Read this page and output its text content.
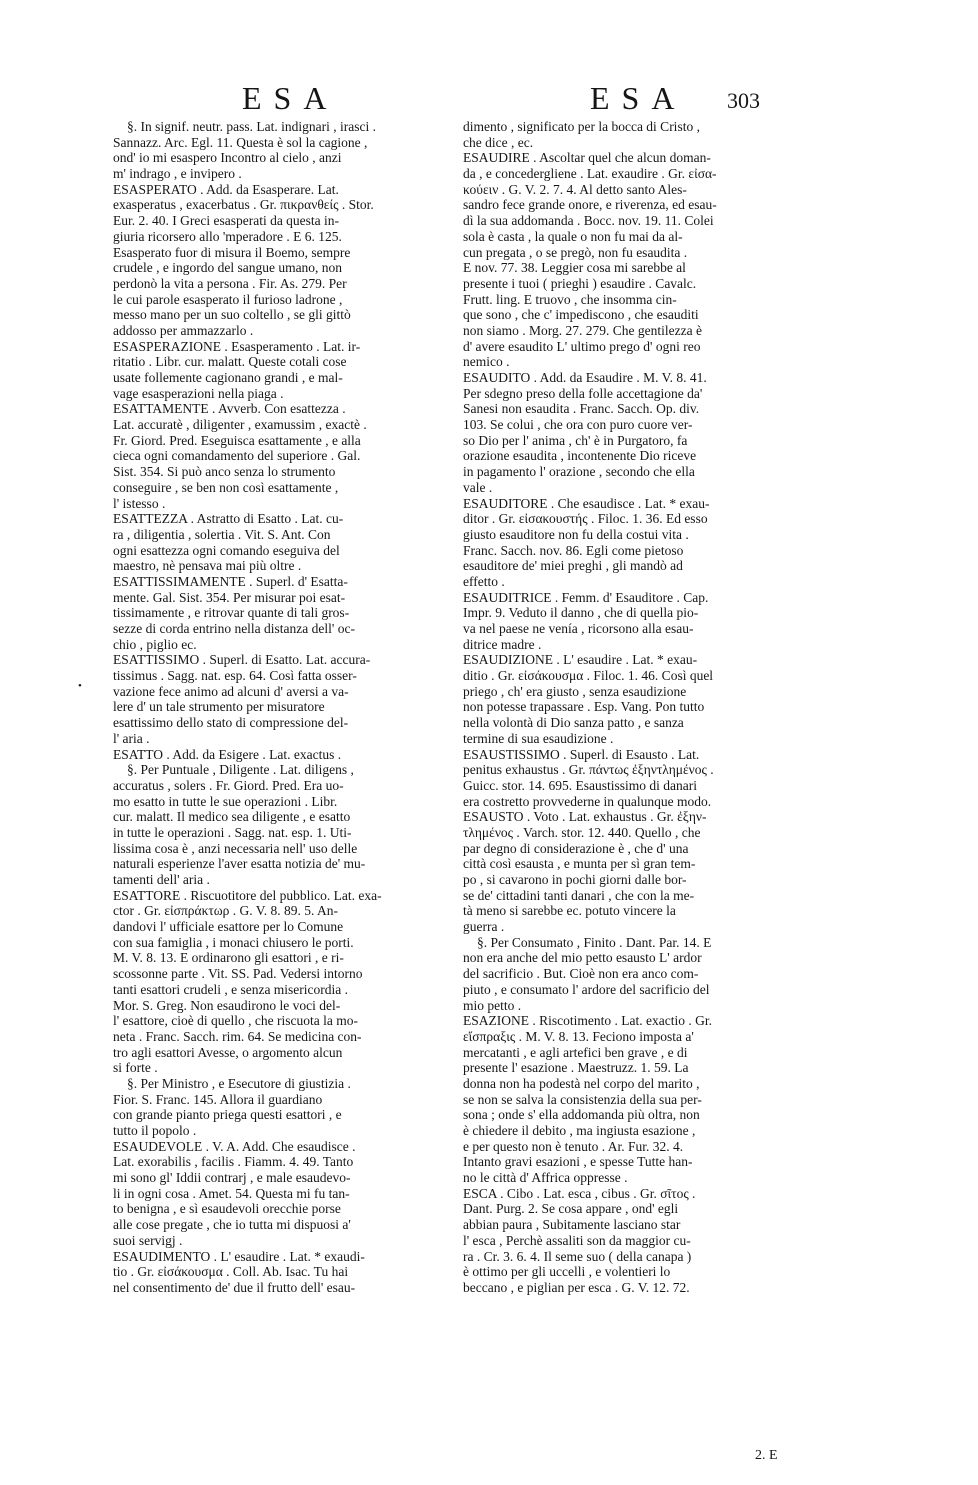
ESA	ESA 303
§. In signif. neutr. pass. Lat. indignari , irasci .
Sannazz. Arc. Egl. 11. Questa è sol la cagione ,
ond' io mi esaspero Incontro al cielo , anzi
m' indrago , e invipero .
ESASPERATO . Add. da Esasperare. Lat.
exasperatus , exacerbatus . Gr. πικρανθείς . Stor.
Eur. 2. 40. I Greci esasperati da questa in-
giuria ricorsero allo 'mperadore . E 6. 125.
Esasperato fuor di misura il Boemo, sempre
crudele , e ingordo del sangue umano, non
perdonò la vita a persona . Fir. As. 279. Per
le cui parole esasperato il furioso ladrone ,
messo mano per un suo coltello , se gli gittò
addosso per ammazzarlo .
ESASPERAZIONE . Esasperamento . Lat. ir-
ritatio . Libr. cur. malatt. Queste cotali cose
usate follemente cagionano grandi , e mal-
vage esasperazioni nella piaga .
ESATTAMENTE . Avverb. Con esattezza .
Lat. accuratè , diligenter , examussim , exactè .
Fr. Giord. Pred. Eseguisca esattamente , e alla
cieca ogni comandamento del superiore . Gal.
Sist. 354. Si può anco senza lo strumento
conseguire , se ben non così esattamente ,
l' istesso .
ESATTEZZA . Astratto di Esatto . Lat. cu-
ra , diligentia , solertia . Vit. S. Ant. Con
ogni esattezza ogni comando eseguiva del
maestro, nè pensava mai più oltre .
ESATTISSIMAMENTE . Superl. d' Esatta-
mente. Gal. Sist. 354. Per misurar poi esat-
tissimamente , e ritrovar quante di tali gros-
sezze di corda entrino nella distanza dell' oc-
chio , piglio ec.
ESATTISSIMO . Superl. di Esatto. Lat. accura-
tissimus . Sagg. nat. esp. 64. Così fatta osser-
vazione fece animo ad alcuni d' aversi a va-
lere d' un tale strumento per misuratore
esattissimo dello stato di compressione del-
l' aria .
ESATTO . Add. da Esigere . Lat. exactus .
§. Per Puntuale , Diligente . Lat. diligens ,
accuratus , solers . Fr. Giord. Pred. Era uo-
mo esatto in tutte le sue operazioni . Libr.
cur. malatt. Il medico sea diligente , e esatto
in tutte le operazioni . Sagg. nat. esp. 1. Uti-
lissima cosa è , anzi necessaria nell' uso delle
naturali esperienze l'aver esatta notizia de' mu-
tamenti dell' aria .
ESATTORE . Riscuotitore del pubblico. Lat. exa-
ctor . Gr. εἰσπράκτωρ . G. V. 8. 89. 5. An-
dandovi l' ufficiale esattore per lo Comune
con sua famiglia , i monaci chiusero le porti.
M. V. 8. 13. E ordinarono gli esattori , e ri-
scossonne parte . Vit. SS. Pad. Vedersi intorno
tanti esattori crudeli , e senza misericordia .
Mor. S. Greg. Non esaudirono le voci del-
l' esattore, cioè di quello , che riscuota la mo-
neta . Franc. Sacch. rim. 64. Se medicina con-
tro agli esattori Avesse, o argomento alcun
si forte .
§. Per Ministro , e Esecutore di giustizia .
Fior. S. Franc. 145. Allora il guardiano
con grande pianto priega questi esattori , e
tutto il popolo .
ESAUDEVOLE . V. A. Add. Che esaudisce .
Lat. exorabilis , facilis . Fiamm. 4. 49. Tanto
mi sono gl' Iddii contrarj , e male esaudevo-
li in ogni cosa . Amet. 54. Questa mi fu tan-
to benigna , e sì esaudevoli orecchie porse
alle cose pregate , che io tutta mi dispuosi a'
suoi servigj .
ESAUDIMENTO . L' esaudire . Lat. * exaudi-
tio . Gr. εἰσάκουσμα . Coll. Ab. Isac. Tu hai
nel consentimento de' due il frutto dell' esau-
dimento , significato per la bocca di Cristo ,
che dice , ec.
ESAUDIRE . Ascoltar quel che alcun doman-
da , e concedergliene . Lat. exaudire . Gr. εἰσα-
κούειν . G. V. 2. 7. 4. Al detto santo Ales-
sandro fece grande onore, e riverenza, ed esau-
dì la sua addomanda . Bocc. nov. 19. 11. Colei
sola è casta , la quale o non fu mai da al-
cun pregata , o se pregò, non fu esaudita .
E nov. 77. 38. Leggier cosa mi sarebbe al
presente i tuoi ( prieghi ) esaudire . Cavalc.
Frutt. ling. E truovo , che insomma cin-
que sono , che c' impediscono , che esauditi
non siamo . Morg. 27. 279. Che gentilezza è
d' avere esaudito L' ultimo prego d' ogni reo
nemico .
ESAUDITO . Add. da Esaudire . M. V. 8. 41.
Per sdegno preso della folle accettagione da'
Sanesi non esaudita . Franc. Sacch. Op. div.
103. Se colui , che ora con puro cuore ver-
so Dio per l' anima , ch' è in Purgatoro, fa
orazione esaudita , incontenente Dio riceve
in pagamento l' orazione , secondo che ella
vale .
ESAUDITORE . Che esaudisce . Lat. * exau-
ditor . Gr. εἰσακουστής . Filoc. 1. 36. Ed esso
giusto esauditore non fu della costui vita .
Franc. Sacch. nov. 86. Egli come pietoso
esauditore de' miei preghi , gli mandò ad
effetto .
ESAUDITRICE . Femm. d' Esauditore . Cap.
Impr. 9. Veduto il danno , che di quella pio-
va nel paese ne venía , ricorsono alla esau-
ditrice madre .
ESAUDIZIONE . L' esaudire . Lat. * exau-
ditio . Gr. εἰσάκουσμα . Filoc. 1. 46. Così quel
priego , ch' era giusto , senza esaudizione
non potesse trapassare . Esp. Vang. Pon tutto
nella volontà di Dio sanza patto , e sanza
termine di sua esaudizione .
ESAUSTISSIMO . Superl. di Esausto . Lat.
penitus exhaustus . Gr. πάντως ἐξηντλημένος .
Guicc. stor. 14. 695. Esaustissimo di danari
era costretto provvederne in qualunque modo.
ESAUSTO . Voto . Lat. exhaustus . Gr. ἐξην-
τλημένος . Varch. stor. 12. 440. Quello , che
par degno di considerazione è , che d' una
città così esausta , e munta per sì gran tem-
po , si cavarono in pochi giorni dalle bor-
se de' cittadini tanti danari , che con la me-
tà meno si sarebbe ec. potuto vincere la
guerra .
§. Per Consumato , Finito . Dant. Par. 14. E
non era anche del mio petto esausto L' ardor
del sacrificio . But. Cioè non era anco com-
piuto , e consumato l' ardore del sacrificio del
mio petto .
ESAZIONE . Riscotimento . Lat. exactio . Gr.
εἴσπραξις . M. V. 8. 13. Feciono imposta a'
mercatanti , e agli artefici ben grave , e di
presente l' esazione . Maestruzz. 1. 59. La
donna non ha podestà nel corpo del marito ,
se non se salva la consistenzia della sua per-
sona ; onde s' ella addomanda più oltra, non
è chiedere il debito , ma ingiusta esazione ,
e per questo non è tenuto . Ar. Fur. 32. 4.
Intanto gravi esazioni , e spesse Tutte han-
no le città d' Affrica oppresse .
ESCA . Cibo . Lat. esca , cibus . Gr. σῖτος .
Dant. Purg. 2. Se cosa appare , ond' egli
abbian paura , Subitamente lasciano star
l' esca , Perchè assaliti son da maggior cu-
ra . Cr. 3. 6. 4. Il seme suo ( della canapa )
è ottimo per gli uccelli , e volentieri lo
beccano , e piglian per esca . G. V. 12. 72.
•
2. E
